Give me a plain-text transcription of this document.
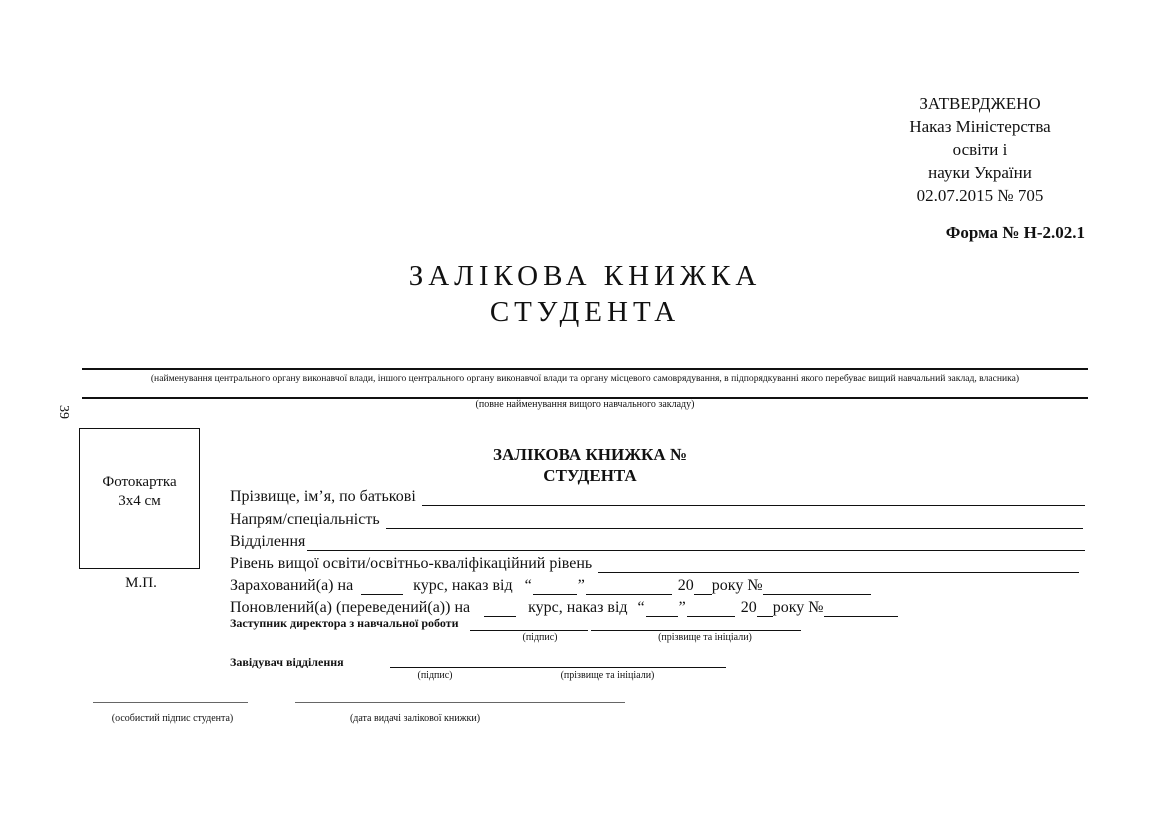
ЗАТВЕРДЖЕНО
Наказ Міністерства
освіти і
науки України
02.07.2015 № 705
Форма № Н-2.02.1
ЗАЛІКОВА КНИЖКА
СТУДЕНТА
(найменування центрального органу виконавчої влади, іншого центрального органу виконавчої влади та органу місцевого самоврядування, в підпорядкуванні якого перебуває вищий навчальний заклад, власника)
(повне найменування вищого навчального закладу)
39
Фотокартка
3х4 см
М.П.
ЗАЛІКОВА КНИЖКА №
СТУДЕНТА
Прізвище, ім’я, по батькові
Напрям/спеціальність
Відділення
Рівень вищої освіти/освітньо-кваліфікаційний рівень
Зарахований(а) на	курс, наказ від “	”	20 року №
Поновлений(а) (переведений(а)) на	курс, наказ від “ ”	20 року №
Заступник директора з навчальної роботи
(підпис)	(прізвище та ініціали)
Завідувач відділення
(підпис)	(прізвище та ініціали)
(особистий підпис студента)	(дата видачі залікової книжки)
